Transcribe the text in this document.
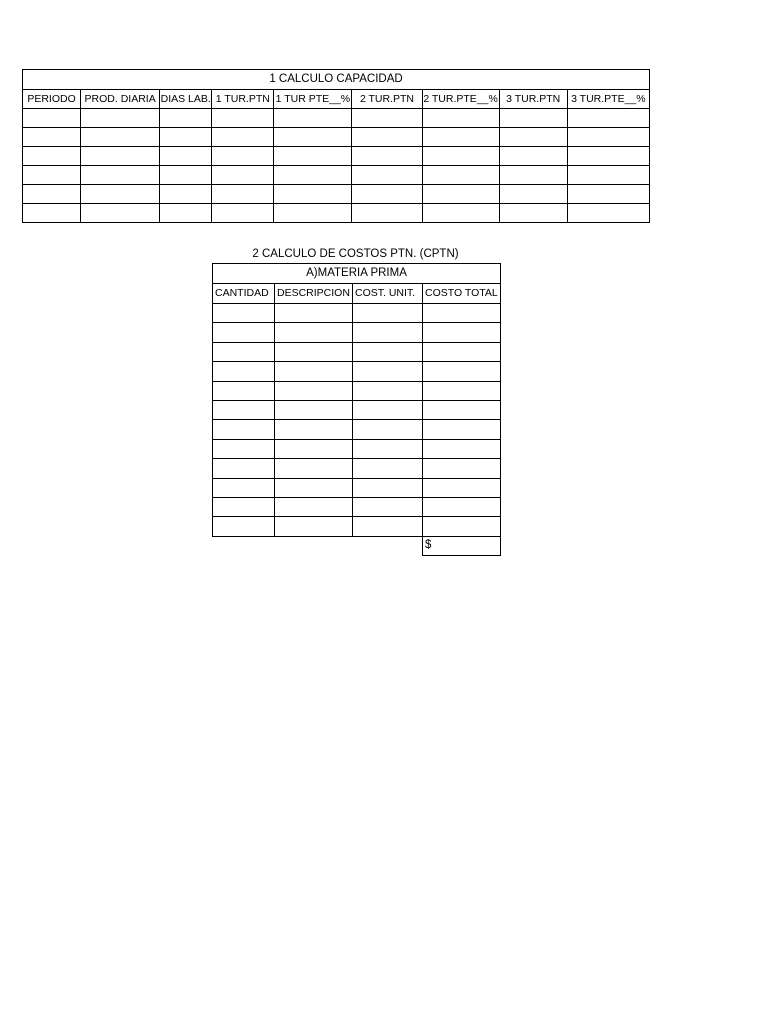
1 CALCULO CAPACIDAD								
PERIODO	PROD. DIARIA	DIAS LAB.	1 TUR.PTN	1 TUR PTE__%	2 TUR.PTN	2 TUR.PTE__%	3 TUR.PTN	3 TUR.PTE__%

2 CALCULO DE COSTOS PTN. (CPTN)
A)MATERIA PRIMA			
CANTIDAD	DESCRIPCION	COST. UNIT.	COSTO TOTAL

			$
